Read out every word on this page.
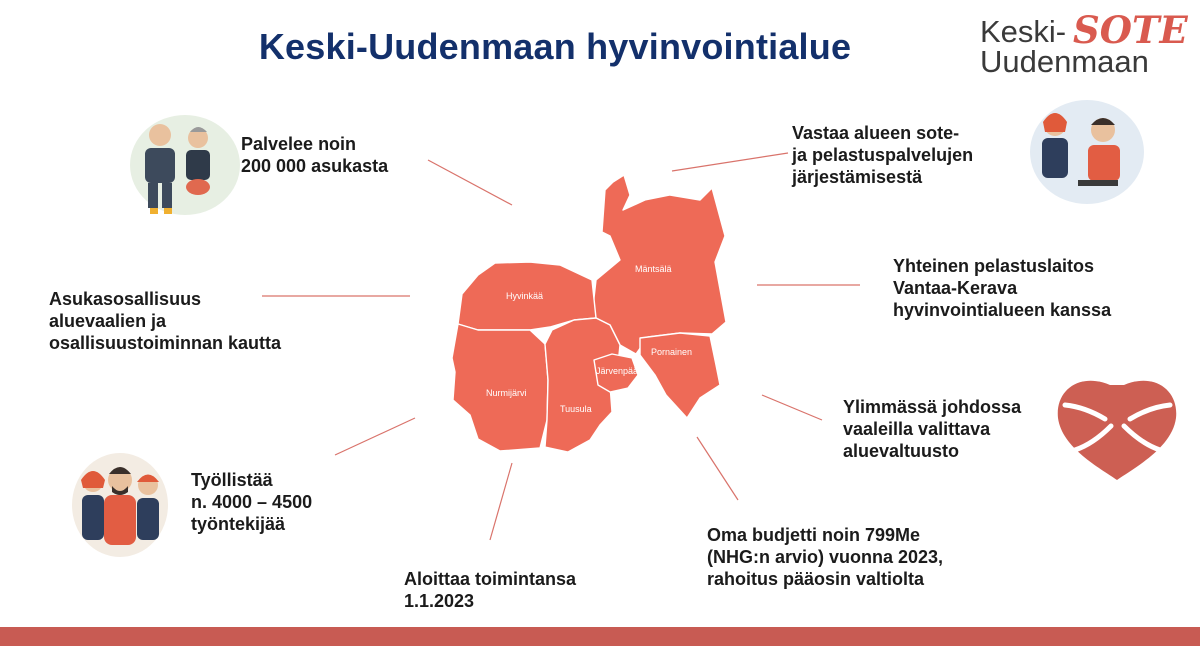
Keski-Uudenmaan hyvinvointialue	Keski- SOTE
Uudenmaan
Hyvinkää
Mäntsälä
Nurmijärvi
Järvenpää
Tuusula
Pornainen
Palvelee noin
200 000 asukasta
Vastaa alueen sote-
ja pelastuspalvelujen
järjestämisestä
Asukasosallisuus
aluevaalien ja
osallisuustoiminnan kautta
Yhteinen pelastuslaitos
Vantaa-Kerava
hyvinvointialueen kanssa
Ylimmässä johdossa
vaaleilla valittava
aluevaltuusto
Työllistää
n. 4000 – 4500
työntekijää
Aloittaa toimintansa
1.1.2023
Oma budjetti noin 799Me
(NHG:n arvio) vuonna 2023,
rahoitus pääosin valtiolta
